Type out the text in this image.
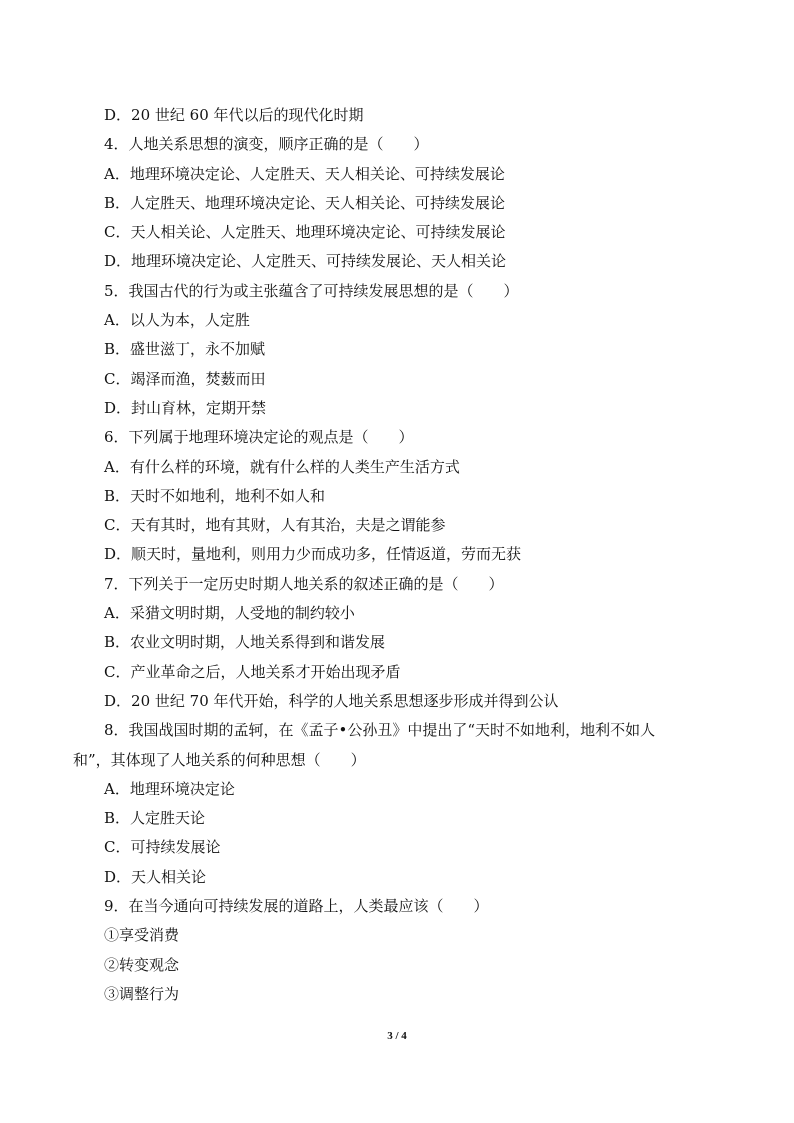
D．20 世纪 60 年代以后的现代化时期
4．人地关系思想的演变，顺序正确的是（　　）
A．地理环境决定论、人定胜天、天人相关论、可持续发展论
B．人定胜天、地理环境决定论、天人相关论、可持续发展论
C．天人相关论、人定胜天、地理环境决定论、可持续发展论
D．地理环境决定论、人定胜天、可持续发展论、天人相关论
5．我国古代的行为或主张蕴含了可持续发展思想的是（　　）
A．以人为本，人定胜
B．盛世滋丁，永不加赋
C．竭泽而渔，焚薮而田
D．封山育林，定期开禁
6．下列属于地理环境决定论的观点是（　　）
A．有什么样的环境，就有什么样的人类生产生活方式
B．天时不如地利，地利不如人和
C．天有其时，地有其财，人有其治，夫是之谓能参
D．顺天时，量地利，则用力少而成功多，任情返道，劳而无获
7．下列关于一定历史时期人地关系的叙述正确的是（　　）
A．采猎文明时期，人受地的制约较小
B．农业文明时期，人地关系得到和谐发展
C．产业革命之后，人地关系才开始出现矛盾
D．20 世纪 70 年代开始，科学的人地关系思想逐步形成并得到公认
8．我国战国时期的孟轲，在《孟子•公孙丑》中提出了“天时不如地利，地利不如人
和”，其体现了人地关系的何种思想（　　）
A．地理环境决定论
B．人定胜天论
C．可持续发展论
D．天人相关论
9．在当今通向可持续发展的道路上，人类最应该（　　）
①享受消费
②转变观念
③调整行为
3 / 4
